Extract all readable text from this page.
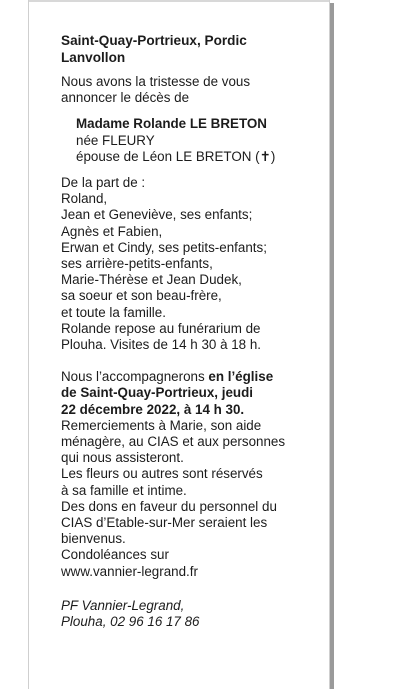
Saint-Quay-Portrieux, Pordic
Lanvollon

Nous avons la tristesse de vous
annoncer le décès de

Madame Rolande LE BRETON
née FLEURY
épouse de Léon LE BRETON (✝)

De la part de :
Roland,
Jean et Geneviève, ses enfants;
Agnès et Fabien,
Erwan et Cindy, ses petits-enfants;
ses arrière-petits-enfants,
Marie-Thérèse et Jean Dudek,
sa soeur et son beau-frère,
et toute la famille.
Rolande repose au funérarium de
Plouha. Visites de 14 h 30 à 18 h.

Nous l’accompagnerons en l’église
de Saint-Quay-Portrieux, jeudi
22 décembre 2022, à 14 h 30.
Remerciements à Marie, son aide
ménagère, au CIAS et aux personnes
qui nous assisteront.
Les fleurs ou autres sont réservés
à sa famille et intime.
Des dons en faveur du personnel du
CIAS d’Etable-sur-Mer seraient les
bienvenus.
Condoléances sur
www.vannier-legrand.fr

PF Vannier-Legrand,
Plouha, 02 96 16 17 86
